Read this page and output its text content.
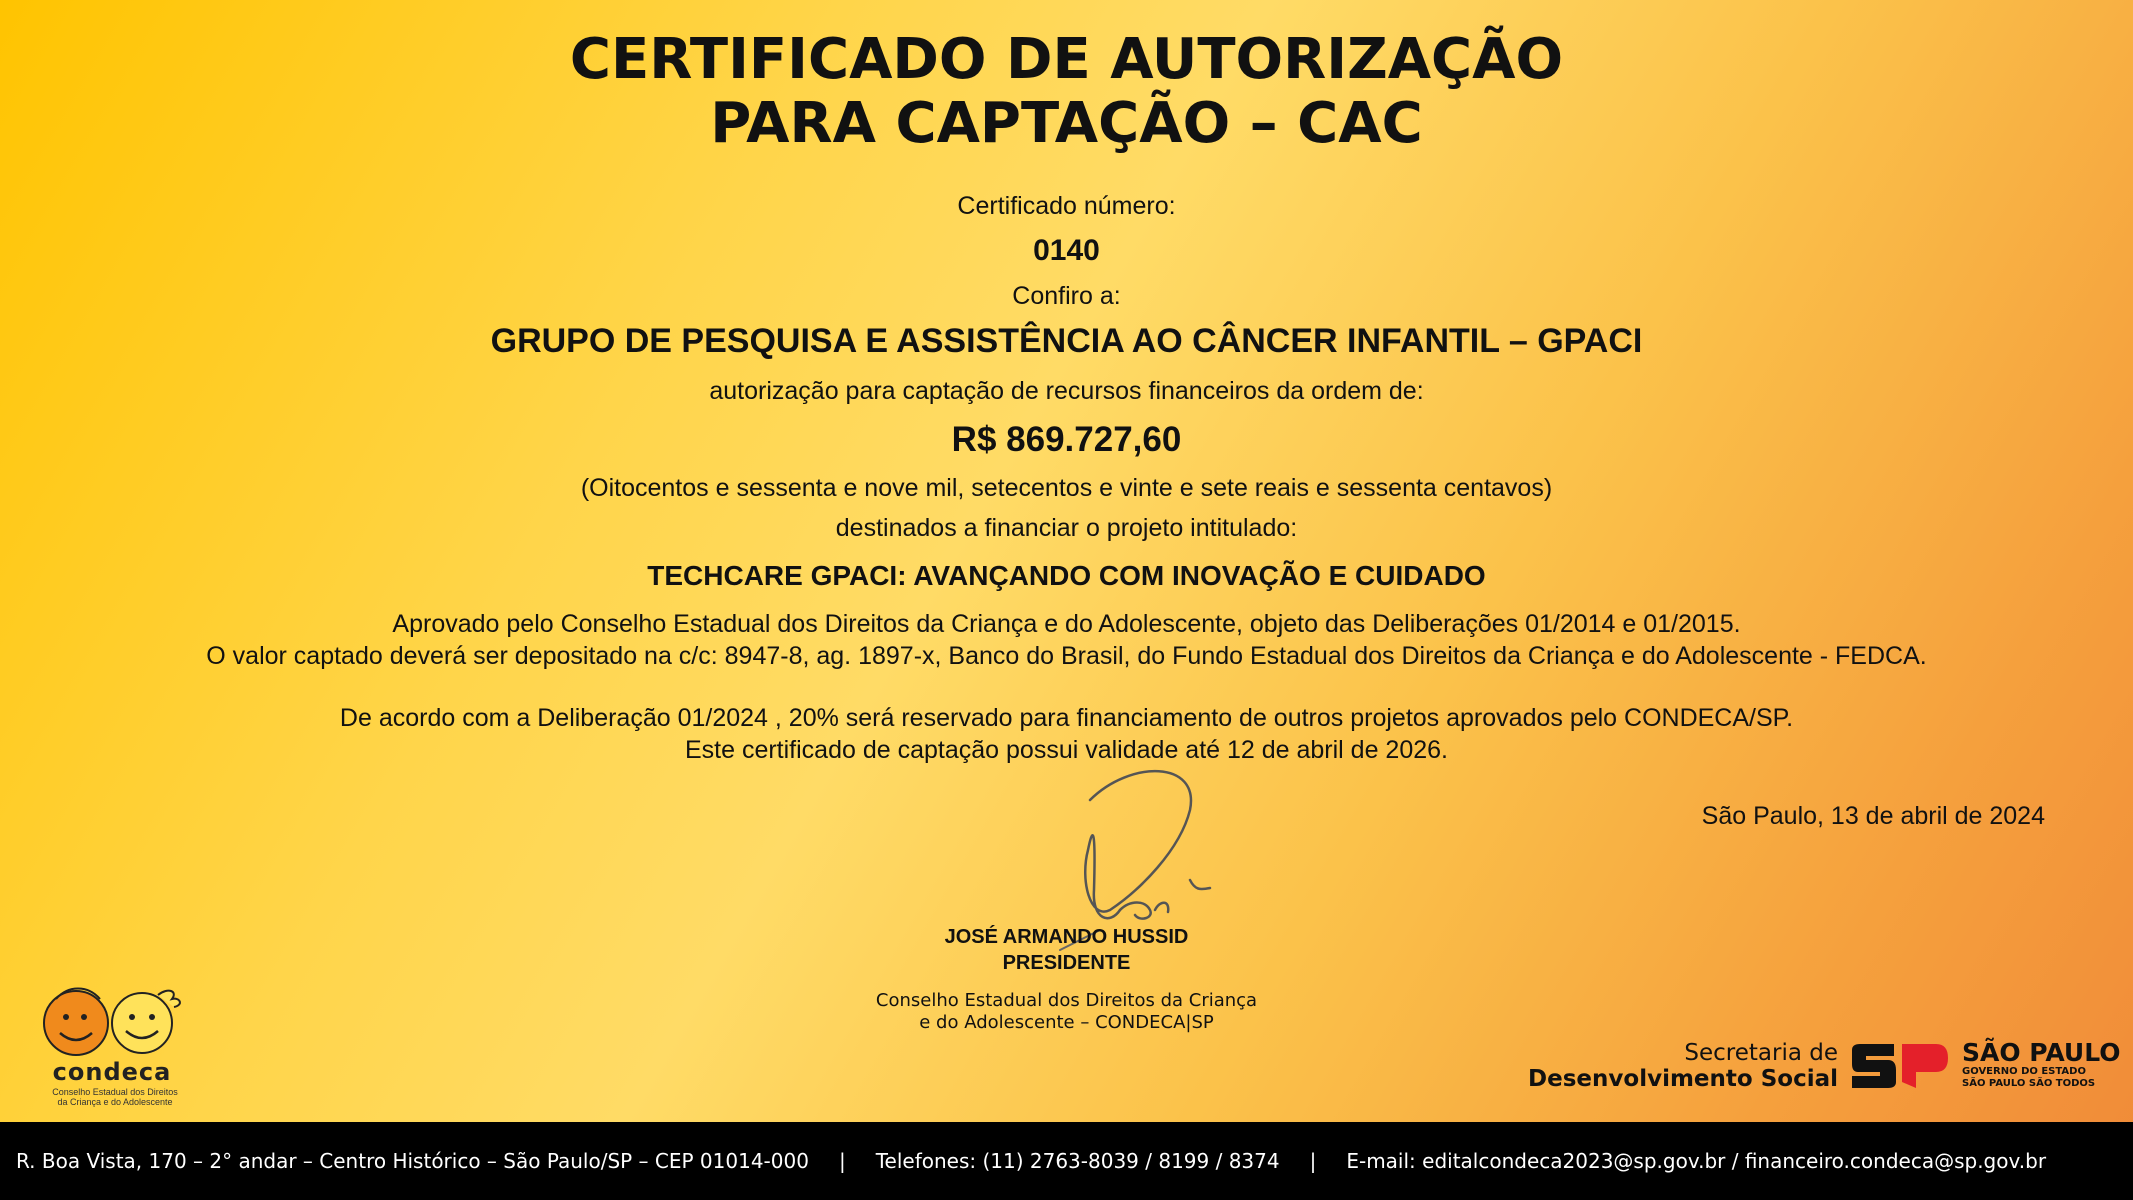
CERTIFICADO DE AUTORIZAÇÃO
PARA CAPTAÇÃO – CAC
Certificado número:
0140
Confiro a:
GRUPO DE PESQUISA E ASSISTÊNCIA AO CÂNCER INFANTIL – GPACI
autorização para captação de recursos financeiros da ordem de:
R$ 869.727,60
(Oitocentos e sessenta e nove mil, setecentos e vinte e sete reais e sessenta centavos)
destinados a financiar o projeto intitulado:
TECHCARE GPACI: AVANÇANDO COM INOVAÇÃO E CUIDADO
Aprovado pelo Conselho Estadual dos Direitos da Criança e do Adolescente, objeto das Deliberações 01/2014 e 01/2015.
O valor captado deverá ser depositado na c/c: 8947-8, ag. 1897-x, Banco do Brasil, do Fundo Estadual dos Direitos da Criança e do Adolescente - FEDCA.
De acordo com a Deliberação 01/2024 , 20% será reservado para financiamento de outros projetos aprovados pelo CONDECA/SP.
Este certificado de captação possui validade até 12 de abril de 2026.
São Paulo, 13 de abril de 2024
JOSÉ ARMANDO HUSSID
PRESIDENTE
Conselho Estadual dos Direitos da Criança
e do Adolescente – CONDECA|SP
condeca
Conselho Estadual dos Direitos
da Criança e do Adolescente
Secretaria de
Desenvolvimento Social
SÃO PAULO
GOVERNO DO ESTADO
SÃO PAULO SÃO TODOS
R. Boa Vista, 170 – 2° andar – Centro Histórico – São Paulo/SP – CEP 01014-000 | Telefones: (11) 2763-8039 / 8199 / 8374 | E-mail: editalcondeca2023@sp.gov.br / financeiro.condeca@sp.gov.br
